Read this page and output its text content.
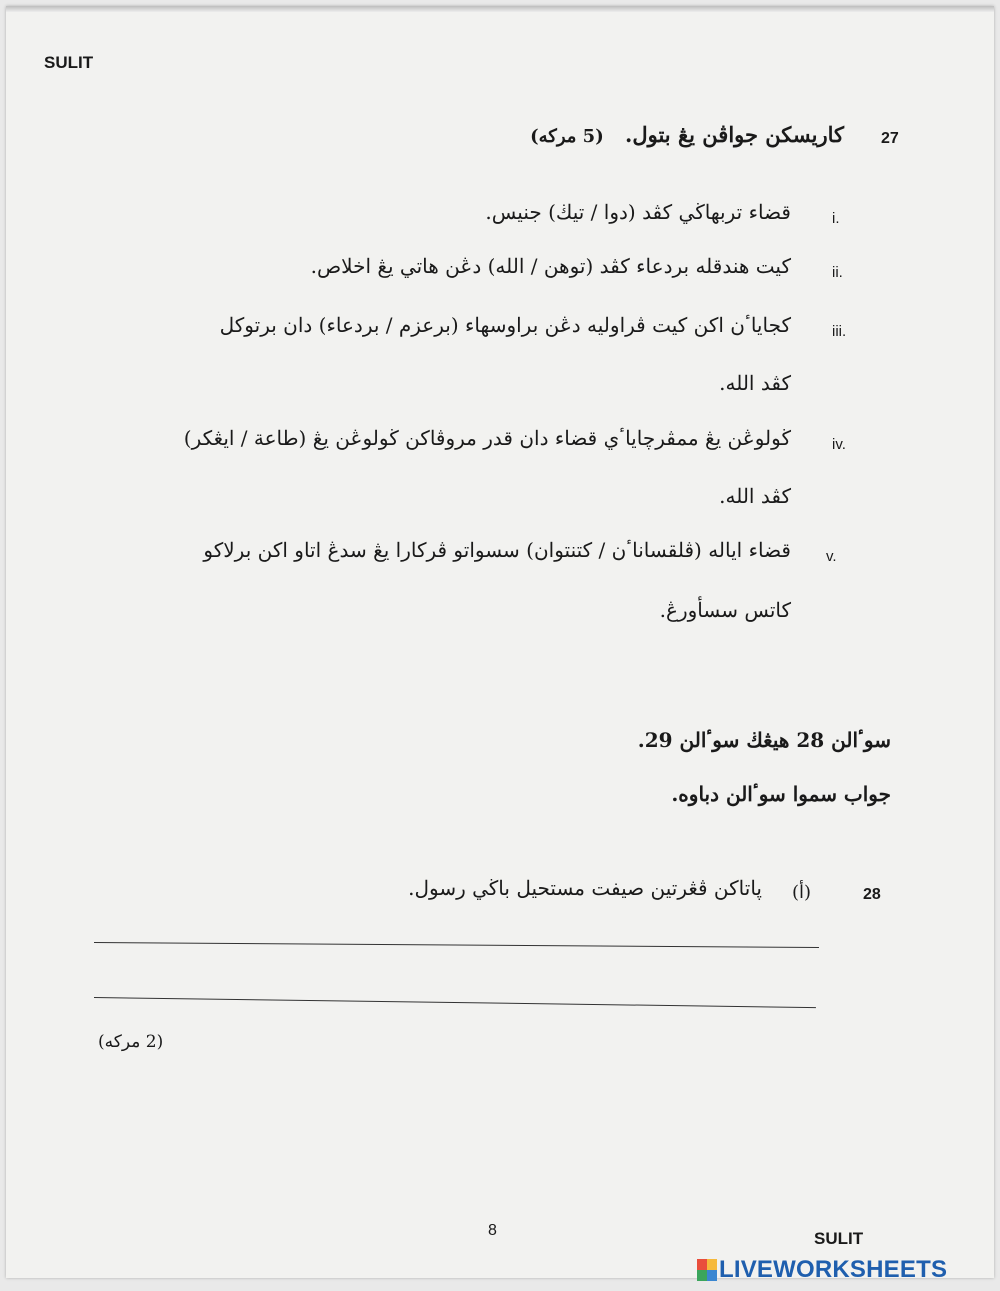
SULIT
27
كاريسكن جواڤن يڠ بتول. (5 مركه)
i.
قضاء تربهاڬي كڤد (دوا / تيڬ) جنيس.
ii.
كيت هندقله بردعاء كڤد (توهن / الله) دڠن هاتي يڠ اخلاص.
iii.
كجاياٴن اكن كيت ڤراوليه دڠن براوسهاء (برعزم / بردعاء) دان برتوكل
كڤد الله.
iv.
ڬولوڠن يڠ ممڤرچاياٴي قضاء دان قدر مروڤاكن ڬولوڠن يڠ (طاعة / ايڠكر)
كڤد الله.
v.
قضاء اياله (ڤلقساناٴن / كتنتوان) سسواتو ڤركارا يڠ سدڠ اتاو اكن برلاكو
كاتس سسأورڠ.
سوٴالن 28 هيڠڬ سوٴالن 29.
جواب سموا سوٴالن دباوه.
28
(أ)
ڽاتاكن ڤڠرتين صيفت مستحيل باڬي رسول.
(2 مركه)
8	SULIT
LIVEWORKSHEETS
